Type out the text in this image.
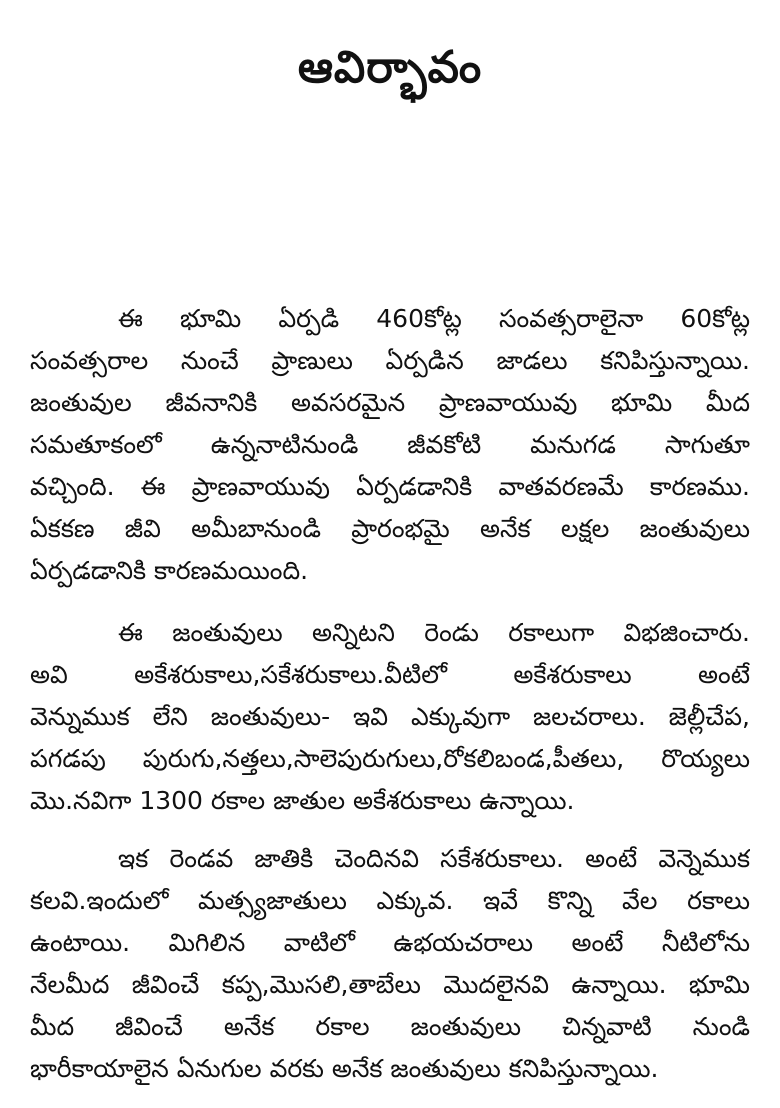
ఆవిర్భావం
ఈ భూమి ఏర్పడి 460కోట్ల సంవత్సరాలైనా 60కోట్ల
సంవత్సరాల నుంచే ప్రాణులు ఏర్పడిన జాడలు కనిపిస్తున్నాయి.
జంతువుల జీవనానికి అవసరమైన ప్రాణవాయువు భూమి మీద
సమతూకంలో ఉన్ననాటినుండి జీవకోటి మనుగడ సాగుతూ
వచ్చింది. ఈ ప్రాణవాయువు ఏర్పడడానికి వాతవరణమే కారణము.
ఏకకణ జీవి అమీబానుండి ప్రారంభమై అనేక లక్షల జంతువులు
ఏర్పడడానికి కారణమయింది.
ఈ జంతువులు అన్నిటని రెండు రకాలుగా విభజించారు.
అవి అకేశరుకాలు,సకేశరుకాలు.వీటిలో అకేశరుకాలు అంటే
వెన్నుముక లేని జంతువులు- ఇవి ఎక్కువుగా జలచరాలు. జెల్లీచేప,
పగడపు పురుగు,నత్తలు,సాలెపురుగులు,రోకలిబండ,పీతలు, రొయ్యలు
మొ.నవిగా 1300 రకాల జాతుల అకేశరుకాలు ఉన్నాయి.
ఇక రెండవ జాతికి చెందినవి సకేశరుకాలు. అంటే వెన్నెముక
కలవి.ఇందులో మత్స్యజాతులు ఎక్కువ. ఇవే కొన్ని వేల రకాలు
ఉంటాయి. మిగిలిన వాటిలో ఉభయచరాలు అంటే నీటిలోను
నేలమీద జీవించే కప్ప,మొసలి,తాబేలు మొదలైనవి ఉన్నాయి. భూమి
మీద జీవించే అనేక రకాల జంతువులు చిన్నవాటి నుండి
భారీకాయాలైన ఏనుగుల వరకు అనేక జంతువులు కనిపిస్తున్నాయి.
